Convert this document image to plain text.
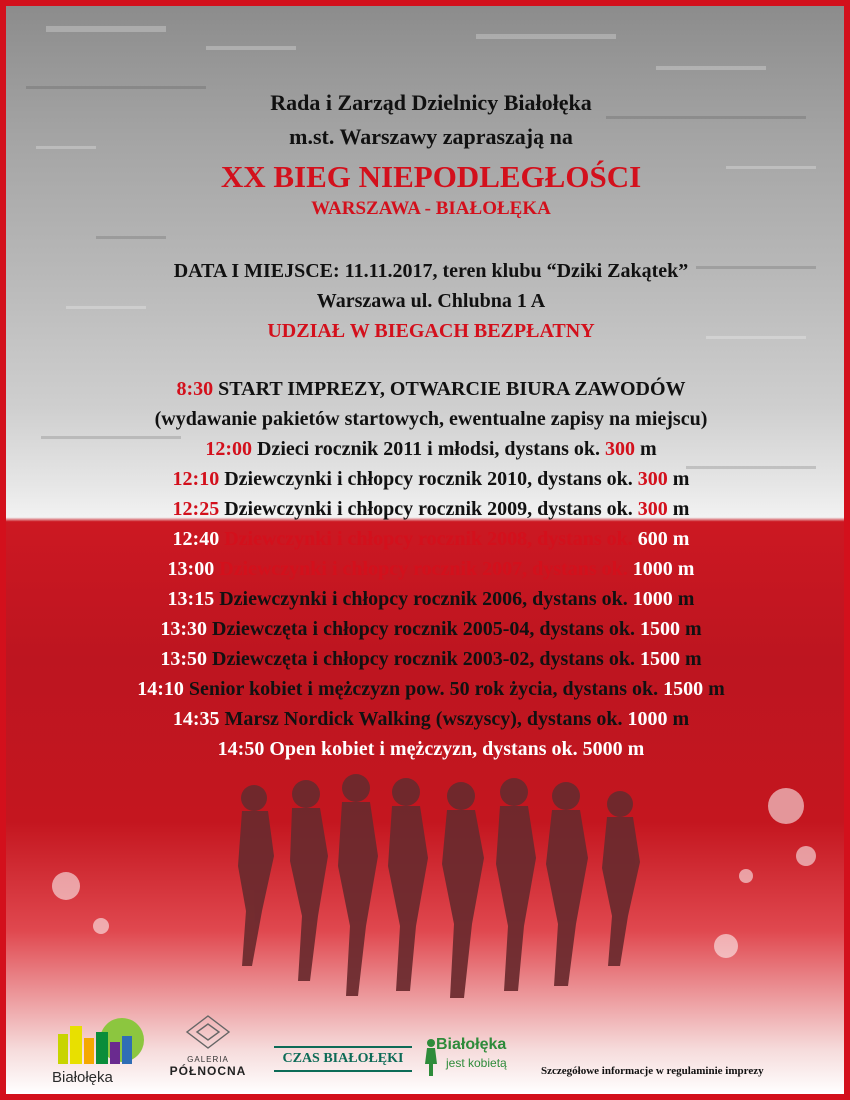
Rada i Zarząd Dzielnicy Białołęka
m.st. Warszawy zapraszają na
XX BIEG NIEPODLEGŁOŚCI
WARSZAWA - BIAŁOŁĘKA
DATA I MIEJSCE: 11.11.2017, teren klubu “Dziki Zakątek”
Warszawa ul. Chlubna 1 A
UDZIAŁ W BIEGACH BEZPŁATNY
8:30 START IMPREZY, OTWARCIE BIURA ZAWODÓW
(wydawanie pakietów startowych, ewentualne zapisy na miejscu)
12:00 Dzieci rocznik 2011 i młodsi, dystans ok. 300 m
12:10 Dziewczynki i chłopcy rocznik 2010, dystans ok. 300 m
12:25 Dziewczynki i chłopcy rocznik 2009, dystans ok. 300 m
12:40 Dziewczynki i chłopcy rocznik 2008, dystans ok. 600 m
13:00 Dziewczynki i chłopcy rocznik 2007, dystans ok. 1000 m
13:15 Dziewczynki i chłopcy rocznik 2006, dystans ok. 1000 m
13:30 Dziewczęta i chłopcy rocznik 2005-04, dystans ok. 1500 m
13:50 Dziewczęta i chłopcy rocznik 2003-02, dystans ok. 1500 m
14:10 Senior kobiet i mężczyzn pow. 50 rok życia, dystans ok. 1500 m
14:35 Marsz Nordick Walking (wszyscy), dystans ok. 1000 m
14:50 Open kobiet i mężczyzn, dystans ok. 5000 m
Białołęka
GALERIA
PÓŁNOCNA
CZAS BIAŁOŁĘKI
Białołęka
jest kobietą
Szczegółowe informacje w regulaminie imprezy
